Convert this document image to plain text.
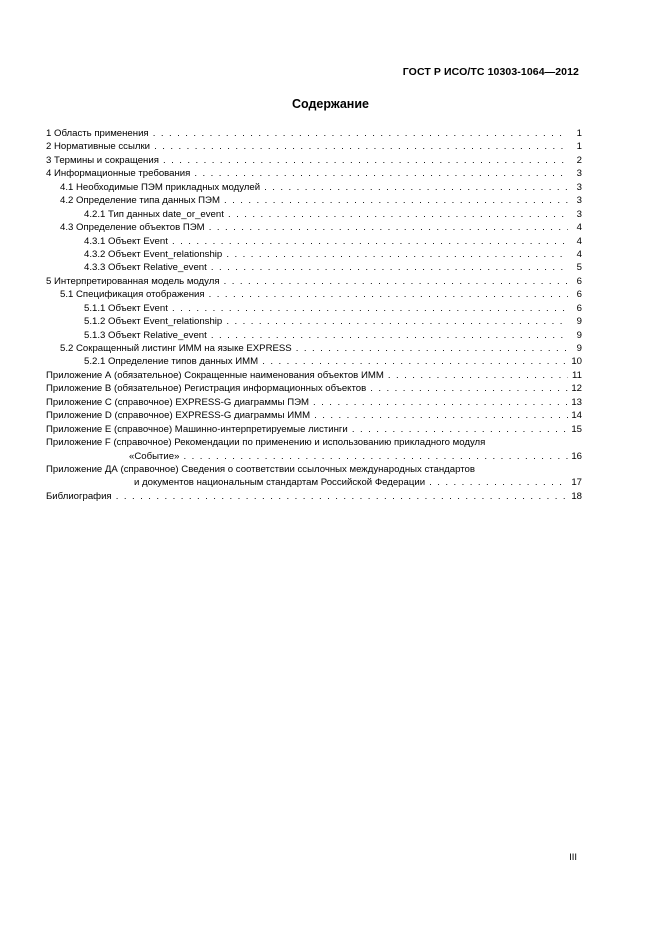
ГОСТ Р ИСО/ТС 10303-1064—2012
Содержание
1 Область применения . . .	1
2 Нормативные ссылки . . .	1
3 Термины и сокращения . . .	2
4 Информационные требования . . .	3
4.1 Необходимые ПЭМ прикладных модулей . . .	3
4.2 Определение типа данных ПЭМ . . .	3
4.2.1 Тип данных date_or_event . . .	3
4.3 Определение объектов ПЭМ . . .	4
4.3.1 Объект Event . . .	4
4.3.2 Объект Event_relationship . . .	4
4.3.3 Объект Relative_event . . .	5
5 Интерпретированная модель модуля . . .	6
5.1 Спецификация отображения . . .	6
5.1.1 Объект Event . . .	6
5.1.2 Объект Event_relationship . . .	9
5.1.3 Объект Relative_event . . .	9
5.2 Сокращенный листинг ИММ на языке EXPRESS . . .	9
5.2.1 Определение типов данных ИММ . . .	10
Приложение А (обязательное) Сокращенные наименования объектов ИММ . . .	11
Приложение В (обязательное) Регистрация информационных объектов . . .	12
Приложение С (справочное) EXPRESS-G диаграммы ПЭМ . . .	13
Приложение D (справочное) EXPRESS-G диаграммы ИММ . . .	14
Приложение Е (справочное) Машинно-интерпретируемые листинги . . .	15
Приложение F (справочное) Рекомендации по применению и использованию прикладного модуля
«Событие» . . .	16
Приложение ДА (справочное) Сведения о соответствии ссылочных международных стандартов
и документов национальным стандартам Российской Федерации . . .	17
Библиография . . .	18
III
